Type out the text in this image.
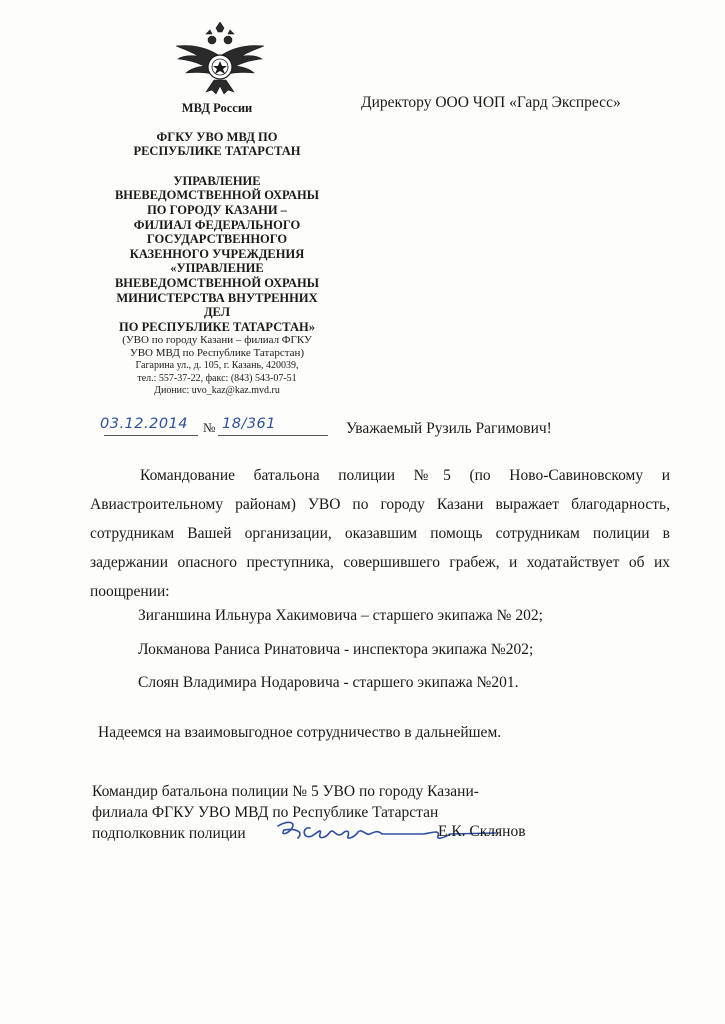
МВД России
ФГКУ УВО МВД ПО
РЕСПУБЛИКЕ ТАТАРСТАН
УПРАВЛЕНИЕ
ВНЕВЕДОМСТВЕННОЙ ОХРАНЫ
ПО ГОРОДУ КАЗАНИ –
ФИЛИАЛ ФЕДЕРАЛЬНОГО
ГОСУДАРСТВЕННОГО
КАЗЕННОГО УЧРЕЖДЕНИЯ
«УПРАВЛЕНИЕ
ВНЕВЕДОМСТВЕННОЙ ОХРАНЫ
МИНИСТЕРСТВА ВНУТРЕННИХ
ДЕЛ
ПО РЕСПУБЛИКЕ ТАТАРСТАН»
(УВО по городу Казани – филиал ФГКУ
УВО МВД по Республике Татарстан)
Гагарина ул., д. 105, г. Казань, 420039,
тел.: 557-37-22, факс: (843) 543-07-51
Дионис: uvo_kaz@kaz.mvd.ru
03.12.2014 № 18/361
Директору ООО ЧОП «Гард Экспресс»
Уважаемый Рузиль Рагимович!

Командование батальона полиции №5 (по Ново-Савиновскому и Авиастроительному районам) УВО по городу Казани выражает благодарность, сотрудникам Вашей организации, оказавшим помощь сотрудникам полиции в задержании опасного преступника, совершившего грабеж, и ходатайствует об их поощрении:

Зиганшина Ильнура Хакимовича – старшего экипажа № 202;
Локманова Раниса Ринатовича - инспектора экипажа №202;
Слоян Владимира Нодаровича - старшего экипажа №201.
Надеемся на взаимовыгодное сотрудничество в дальнейшем.
Командир батальона полиции № 5 УВО по городу Казани-
филиала ФГКУ УВО МВД по Республике Татарстан
подполковник полиции	Е.К. Склянов
